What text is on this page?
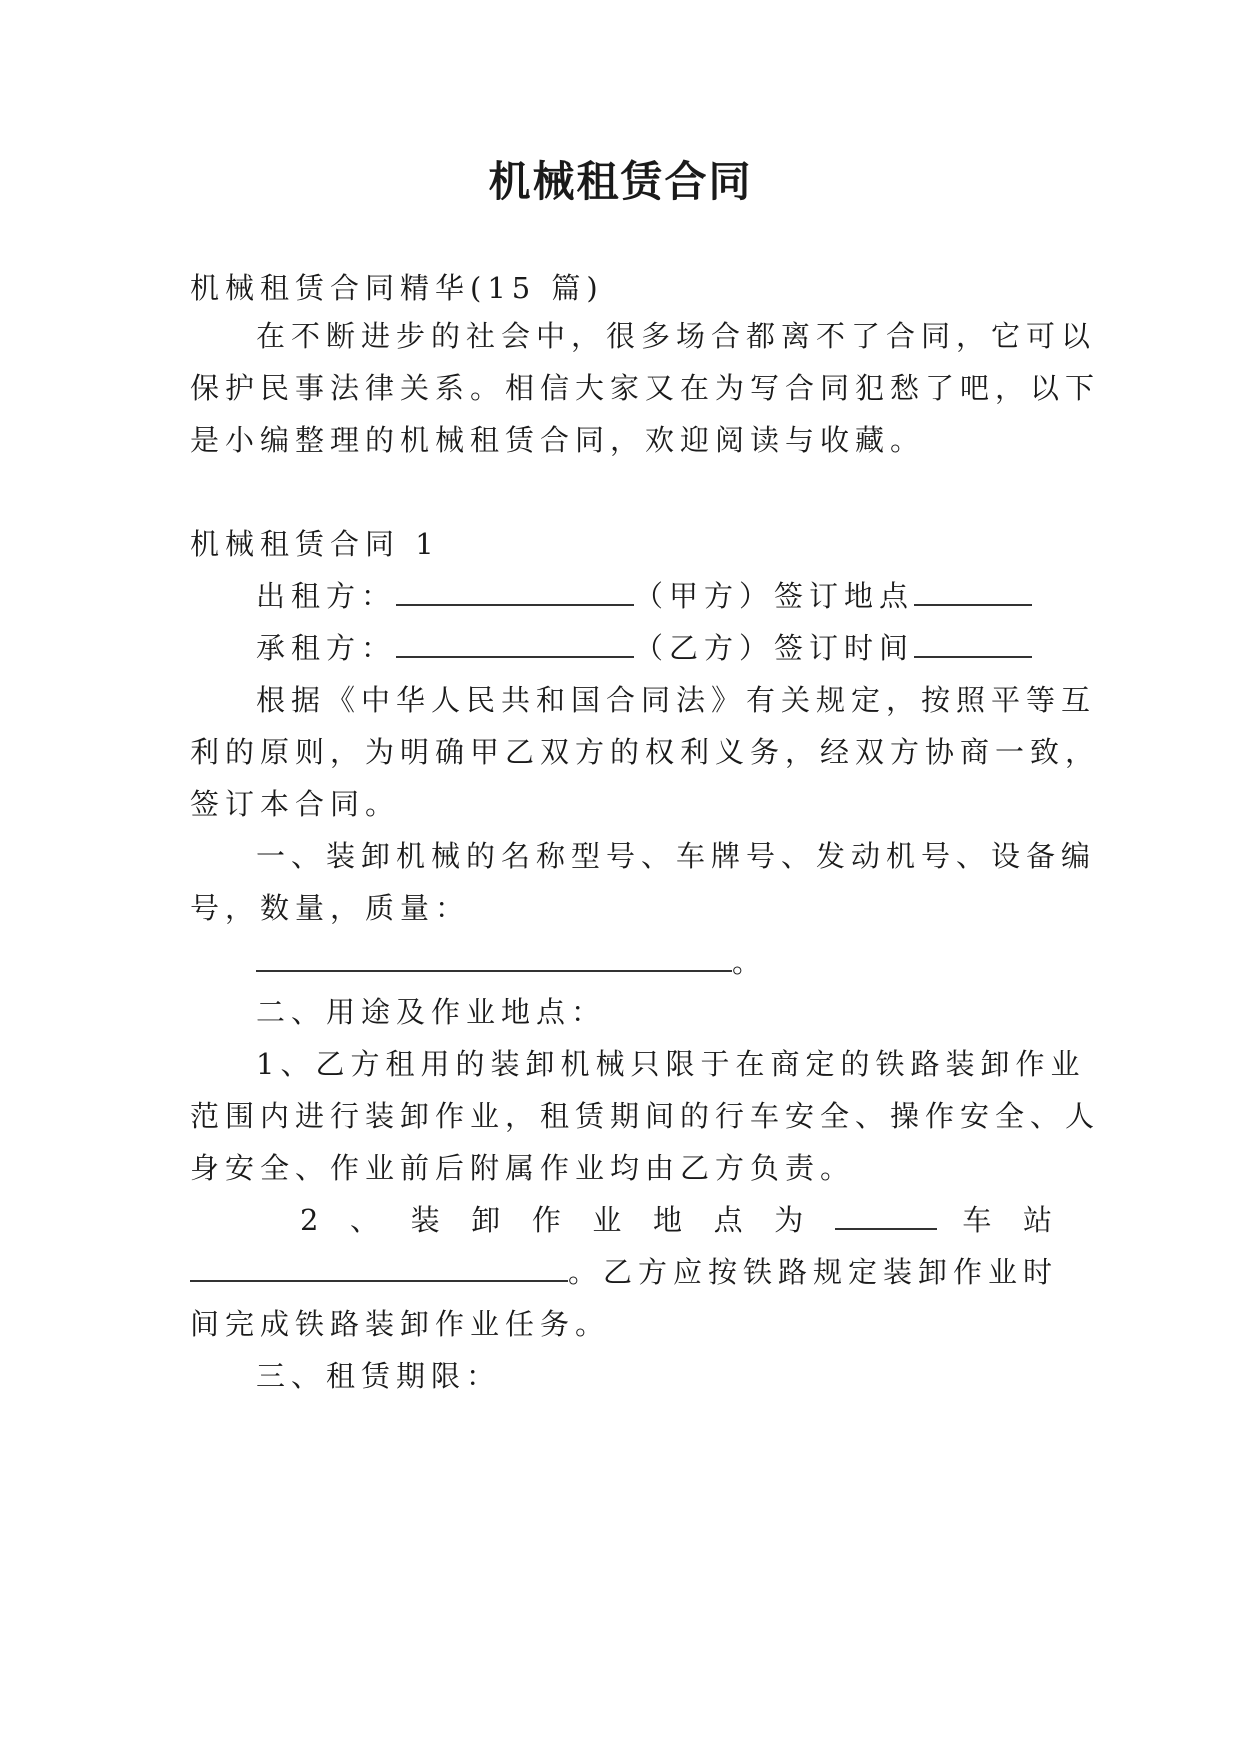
机械租赁合同
机械租赁合同精华(15 篇)
在不断进步的社会中，很多场合都离不了合同，它可以
保护民事法律关系。相信大家又在为写合同犯愁了吧，以下
是小编整理的机械租赁合同，欢迎阅读与收藏。
机械租赁合同 1
出租方：	（甲方）签订地点
承租方：	（乙方）签订时间
根据《中华人民共和国合同法》有关规定，按照平等互
利的原则，为明确甲乙双方的权利义务，经双方协商一致，
签订本合同。
一、装卸机械的名称型号、车牌号、发动机号、设备编
号，数量，质量：
。
二、用途及作业地点：
1、乙方租用的装卸机械只限于在商定的铁路装卸作业
范围内进行装卸作业，租赁期间的行车安全、操作安全、人
身安全、作业前后附属作业均由乙方负责。
2 、 装 卸 作 业 地 点 为	车 站
。乙方应按铁路规定装卸作业时
间完成铁路装卸作业任务。
三、租赁期限：
